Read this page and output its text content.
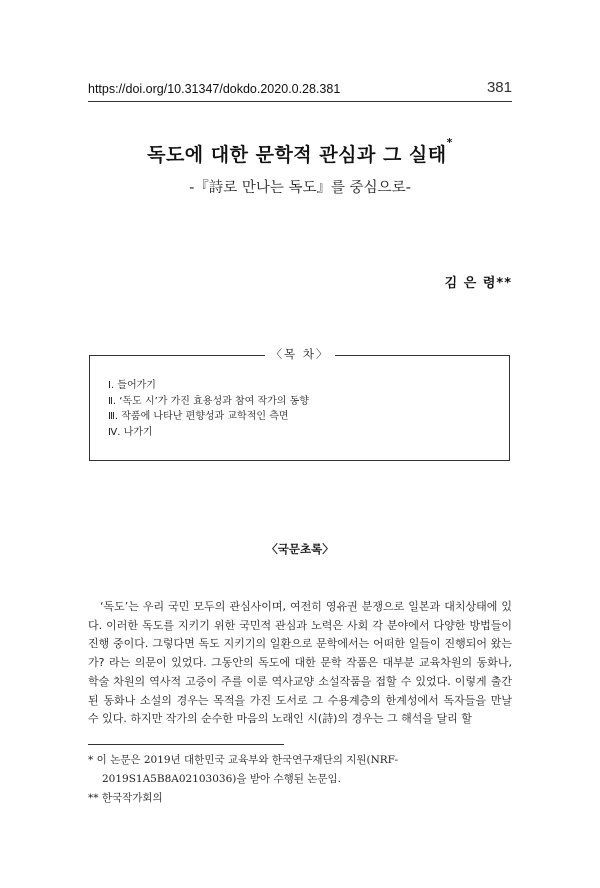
https://doi.org/10.31347/dokdo.2020.0.28.381	381
독도에 대한 문학적 관심과 그 실태*
-『詩로 만나는 독도』를 중심으로-
김 은 령**
〈목 차〉
Ⅰ. 들어가기
Ⅱ. ‘독도 시’가 가진 효용성과 참여 작가의 동향
Ⅲ. 작품에 나타난 편향성과 교학적인 측면
Ⅳ. 나가기
〈국문초록〉

‘독도’는 우리 국민 모두의 관심사이며, 여전히 영유권 분쟁으로 일본과 대치상태에 있다. 이러한 독도를 지키기 위한 국민적 관심과 노력은 사회 각 분야에서 다양한 방법들이 진행 중이다. 그렇다면 독도 지키기의 일환으로 문학에서는 어떠한 일들이 진행되어 왔는가? 라는 의문이 있었다. 그동안의 독도에 대한 문학 작품은 대부분 교육차원의 동화나, 학술 차원의 역사적 고증이 주를 이룬 역사교양 소설작품을 접할 수 있었다. 이렇게 출간된 동화나 소설의 경우는 목적을 가진 도서로 그 수용계층의 한계성에서 독자들을 만날 수 있다. 하지만 작가의 순수한 마음의 노래인 시(詩)의 경우는 그 해석을 달리 할

* 이 논문은 2019년 대한민국 교육부와 한국연구재단의 지원(NRF-2019S1A5B8A02103036)을 받아 수행된 논문임.
** 한국작가회의
